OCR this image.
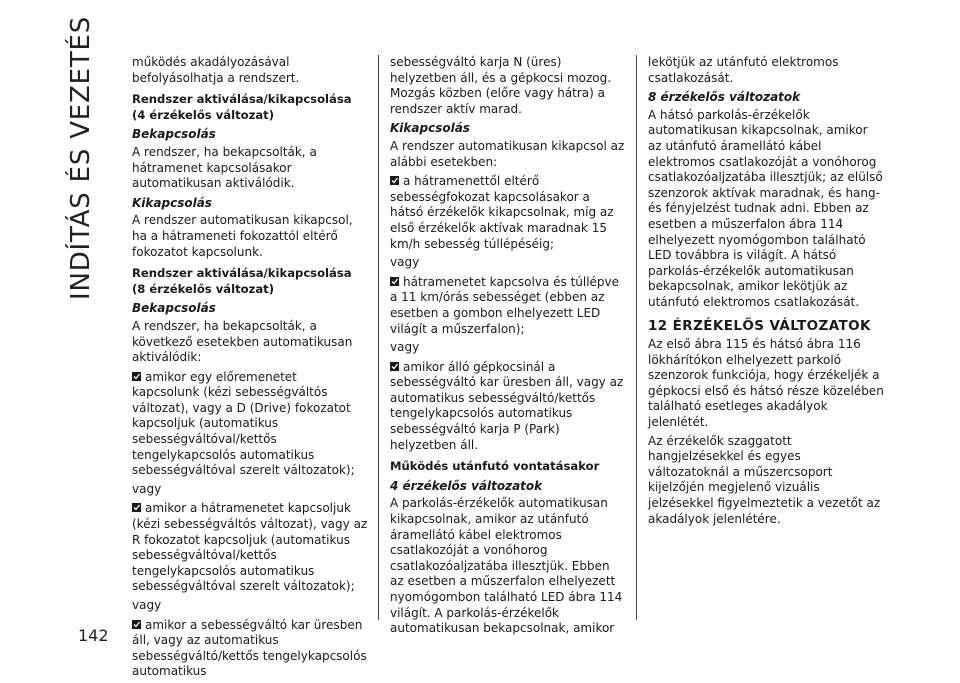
INDÍTÁS ÉS VEZETÉS
142

működés akadályozásával befolyásolhatja a rendszert.

Rendszer aktiválása/kikapcsolása (4 érzékelős változat)
Bekapcsolás

A rendszer, ha bekapcsolták, a hátramenet kapcsolásakor automatikusan aktiválódik.

Kikapcsolás

A rendszer automatikusan kikapcsol, ha a hátrameneti fokozattól eltérő fokozatot kapcsolunk.

Rendszer aktiválása/kikapcsolása (8 érzékelős változat)
Bekapcsolás

A rendszer, ha bekapcsolták, a következő esetekben automatikusan aktiválódik:

amikor egy előremenetet kapcsolunk (kézi sebességváltós változat), vagy a D (Drive) fokozatot kapcsoljuk (automatikus sebességváltóval/kettős tengelykapcsolós automatikus sebességváltóval szerelt változatok);

vagy

amikor a hátramenetet kapcsoljuk (kézi sebességváltós változat), vagy az R fokozatot kapcsoljuk (automatikus sebességváltóval/kettős tengelykapcsolós automatikus sebességváltóval szerelt változatok);

vagy

amikor a sebességváltó kar üresben áll, vagy az automatikus sebességváltó/kettős tengelykapcsolós automatikus

sebességváltó karja N (üres) helyzetben áll, és a gépkocsi mozog. Mozgás közben (előre vagy hátra) a rendszer aktív marad.

Kikapcsolás

A rendszer automatikusan kikapcsol az alábbi esetekben:

a hátramenettől eltérő sebességfokozat kapcsolásakor a hátsó érzékelők kikapcsolnak, míg az első érzékelők aktívak maradnak 15 km/h sebesség túllépéséig;

vagy

hátramenetet kapcsolva és túllépve a 11 km/órás sebességet (ebben az esetben a gombon elhelyezett LED világít a műszerfalon);

vagy

amikor álló gépkocsinál a sebességváltó kar üresben áll, vagy az automatikus sebességváltó/kettős tengelykapcsolós automatikus sebességváltó karja P (Park) helyzetben áll.

Működés utánfutó vontatásakor
4 érzékelős változatok

A parkolás-érzékelők automatikusan kikapcsolnak, amikor az utánfutó áramellátó kábel elektromos csatlakozóját a vonóhorog csatlakozóaljzatába illesztjük. Ebben az esetben a műszerfalon elhelyezett nyomógombon található LED ábra 114 világít. A parkolás-érzékelők automatikusan bekapcsolnak, amikor

lekötjük az utánfutó elektromos csatlakozását.

8 érzékelős változatok

A hátsó parkolás-érzékelők automatikusan kikapcsolnak, amikor az utánfutó áramellátó kábel elektromos csatlakozóját a vonóhorog csatlakozóaljzatába illesztjük; az elülső szenzorok aktívak maradnak, és hang- és fényjelzést tudnak adni. Ebben az esetben a műszerfalon ábra 114 elhelyezett nyomógombon található LED továbbra is világít. A hátsó parkolás-érzékelők automatikusan bekapcsolnak, amikor lekötjük az utánfutó elektromos csatlakozását.

12 ÉRZÉKELŐS VÁLTOZATOK

Az első ábra 115 és hátsó ábra 116 lökhárítókon elhelyezett parkoló szenzorok funkciója, hogy érzékeljék a gépkocsi első és hátsó része közelében található esetleges akadályok jelenlétét.

Az érzékelők szaggatott hangjelzésekkel és egyes változatoknál a műszercsoport kijelzőjén megjelenő vizuális jelzésekkel figyelmeztetik a vezetőt az akadályok jelenlétére.
